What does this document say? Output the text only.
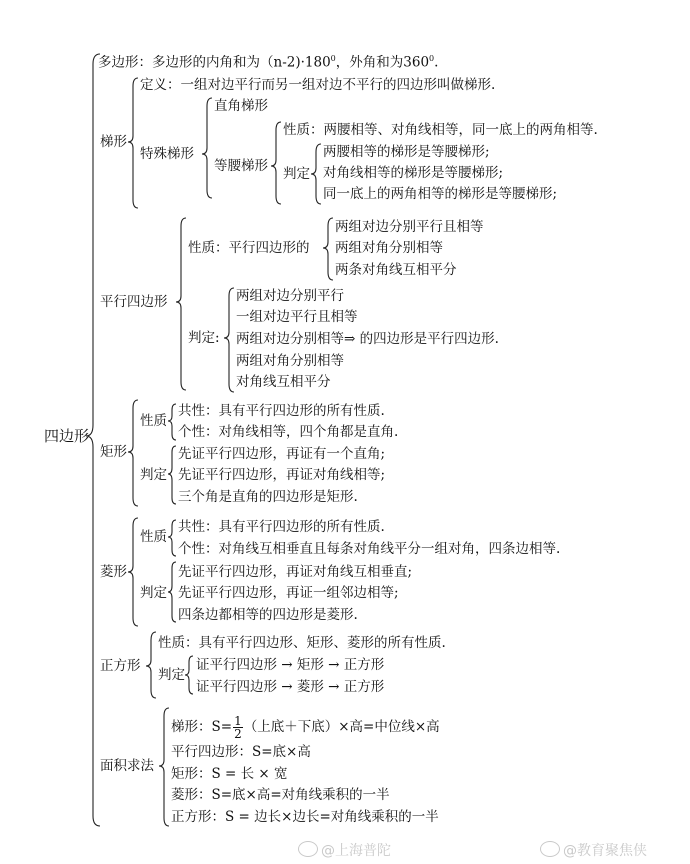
四边形
多边形：多边形的内角和为$(n-2)\cdot 180^0$，外角和为$360^0$.
梯形
定义：一组对边平行而另一组对边不平行的四边形叫做梯形.
特殊梯形
直角梯形
等腰梯形
性质：两腰相等、对角线相等，同一底上的两角相等.
判定
两腰相等的梯形是等腰梯形;
对角线相等的梯形是等腰梯形;
同一底上的两角相等的梯形是等腰梯形;
平行四边形
性质：平行四边形的
两组对边分别平行且相等
两组对角分别相等
两条对角线互相平分
判定:
两组对边分别平行
一组对边平行且相等
两组对边分别相等⇒ 的四边形是平行四边形.
两组对角分别相等
对角线互相平分
矩形
性质
共性：具有平行四边形的所有性质.
个性：对角线相等，四个角都是直角.
判定
先证平行四边形，再证有一个直角;
先证平行四边形，再证对角线相等;
三个角是直角的四边形是矩形.
菱形
性质
共性：具有平行四边形的所有性质.
个性：对角线互相垂直且每条对角线平分一组对角，四条边相等.
判定
先证平行四边形，再证对角线互相垂直;
先证平行四边形，再证一组邻边相等;
四条边都相等的四边形是菱形.
正方形
性质：具有平行四边形、矩形、菱形的所有性质.
判定
证平行四边形 → 矩形 → 正方形
证平行四边形 → 菱形 → 正方形
面积求法
梯形：$S= \frac{1}{2}$ （上底＋下底）×高=中位线×高
平行四边形：S=底×高
矩形：S = 长 × 宽
菱形：S=底×高=对角线乘积的一半
正方形：S = 边长×边长=对角线乘积的一半
@上海普陀	@教育聚焦侠
